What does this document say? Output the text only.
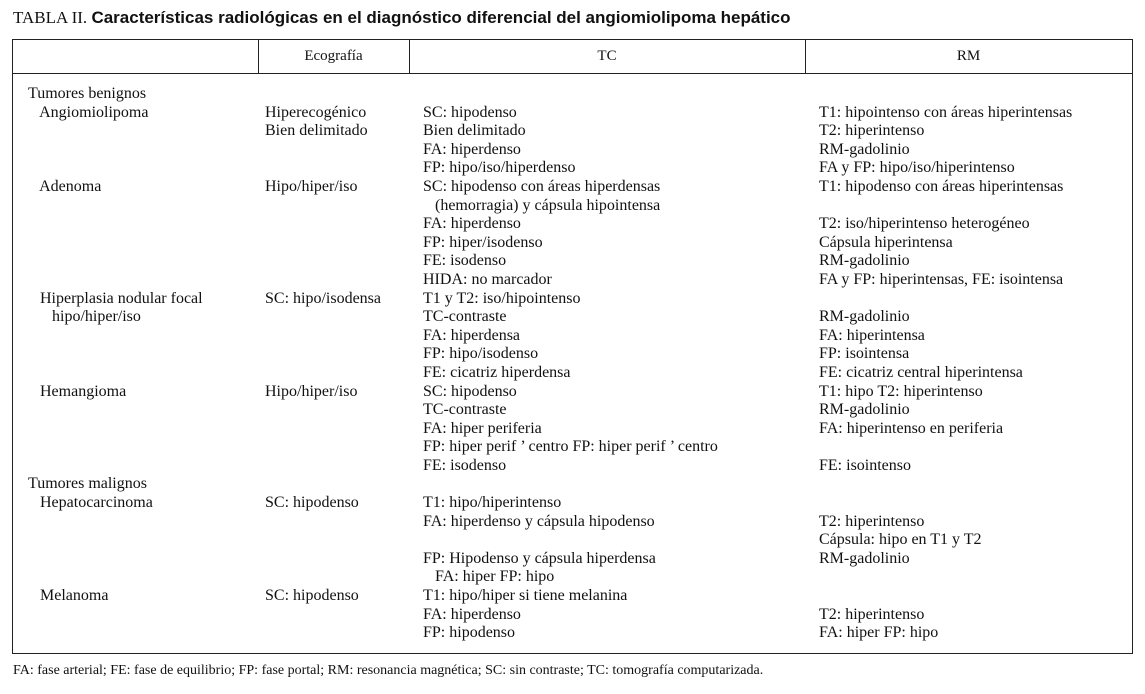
TABLA II. Características radiológicas en el diagnóstico diferencial del angiomiolipoma hepático
Ecografía	TC	RM
Tumores benignos
Angiomiolipoma
Adenoma
Hiperplasia nodular focal
hipo/hiper/iso
Hemangioma
Tumores malignos
Hepatocarcinoma
Melanoma
Hiperecogénico
Bien delimitado
Hipo/hiper/iso
SC: hipo/isodensa
Hipo/hiper/iso
SC: hipodenso
SC: hipodenso
SC: hipodenso
Bien delimitado
FA: hiperdenso
FP: hipo/iso/hiperdenso
SC: hipodenso con áreas hiperdensas
(hemorragia) y cápsula hipointensa
FA: hiperdenso
FP: hiper/isodenso
FE: isodenso
HIDA: no marcador
T1 y T2: iso/hipointenso
TC-contraste
FA: hiperdensa
FP: hipo/isodenso
FE: cicatriz hiperdensa
SC: hipodenso
TC-contraste
FA: hiper periferia
FP: hiper perif ’ centro FP: hiper perif ’ centro
FE: isodenso
T1: hipo/hiperintenso
FA: hiperdenso y cápsula hipodenso
FP: Hipodenso y cápsula hiperdensa
FA: hiper FP: hipo
T1: hipo/hiper si tiene melanina
FA: hiperdenso
FP: hipodenso
T1: hipointenso con áreas hiperintensas
T2: hiperintenso
RM-gadolinio
FA y FP: hipo/iso/hiperintenso
T1: hipodenso con áreas hiperintensas
T2: iso/hiperintenso heterogéneo
Cápsula hiperintensa
RM-gadolinio
FA y FP: hiperintensas, FE: isointensa
RM-gadolinio
FA: hiperintensa
FP: isointensa
FE: cicatriz central hiperintensa
T1: hipo T2: hiperintenso
RM-gadolinio
FA: hiperintenso en periferia
FE: isointenso
T2: hiperintenso
Cápsula: hipo en T1 y T2
RM-gadolinio
T2: hiperintenso
FA: hiper FP: hipo
FA: fase arterial; FE: fase de equilibrio; FP: fase portal; RM: resonancia magnética; SC: sin contraste; TC: tomografía computarizada.
